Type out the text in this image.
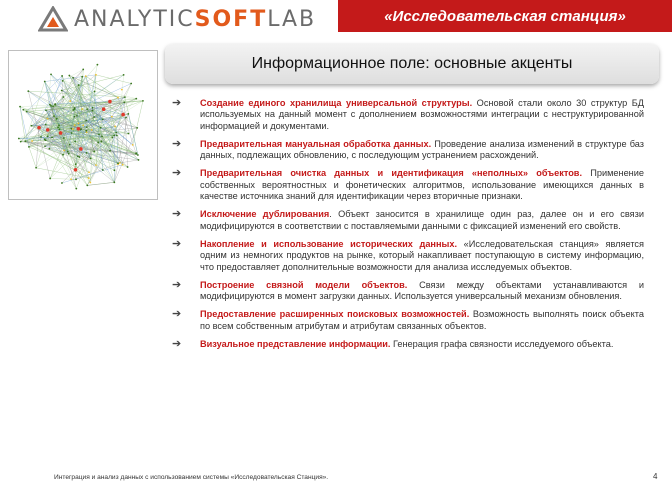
ANALYTICSOFTLAB	«Исследовательская станция»
Информационное поле: основные акценты
➔ Создание единого хранилища универсальной структуры. Основой стали около 30 структур БД используемых на данный момент с дополнением возможностями интеграции с неструктурированной информацией и документами.
➔ Предварительная мануальная обработка данных. Проведение анализа изменений в структуре баз данных, подлежащих обновлению, с последующим устранением расхождений.
➔ Предварительная очистка данных и идентификация «неполных» объектов. Применение собственных вероятностных и фонетических алгоритмов, использование имеющихся данных в качестве источника знаний для идентификации через вторичные признаки.
➔ Исключение дублирования. Объект заносится в хранилище один раз, далее он и его связи модифицируются в соответствии с поставляемыми данными с фиксацией изменений его свойств.
➔ Накопление и использование исторических данных. «Исследовательская станция» является одним из немногих продуктов на рынке, который накапливает поступающую в систему информацию, что предоставляет дополнительные возможности для анализа исследуемых объектов.
➔ Построение связной модели объектов. Связи между объектами устанавливаются и модифицируются в момент загрузки данных. Используется универсальный механизм обновления.
➔ Предоставление расширенных поисковых возможностей. Возможность выполнять поиск объекта по всем собственным атрибутам и атрибутам связанных объектов.
➔ Визуальное представление информации. Генерация графа связности исследуемого объекта.
Интеграция и анализ данных с использованием системы «Исследовательская Станция».	4
